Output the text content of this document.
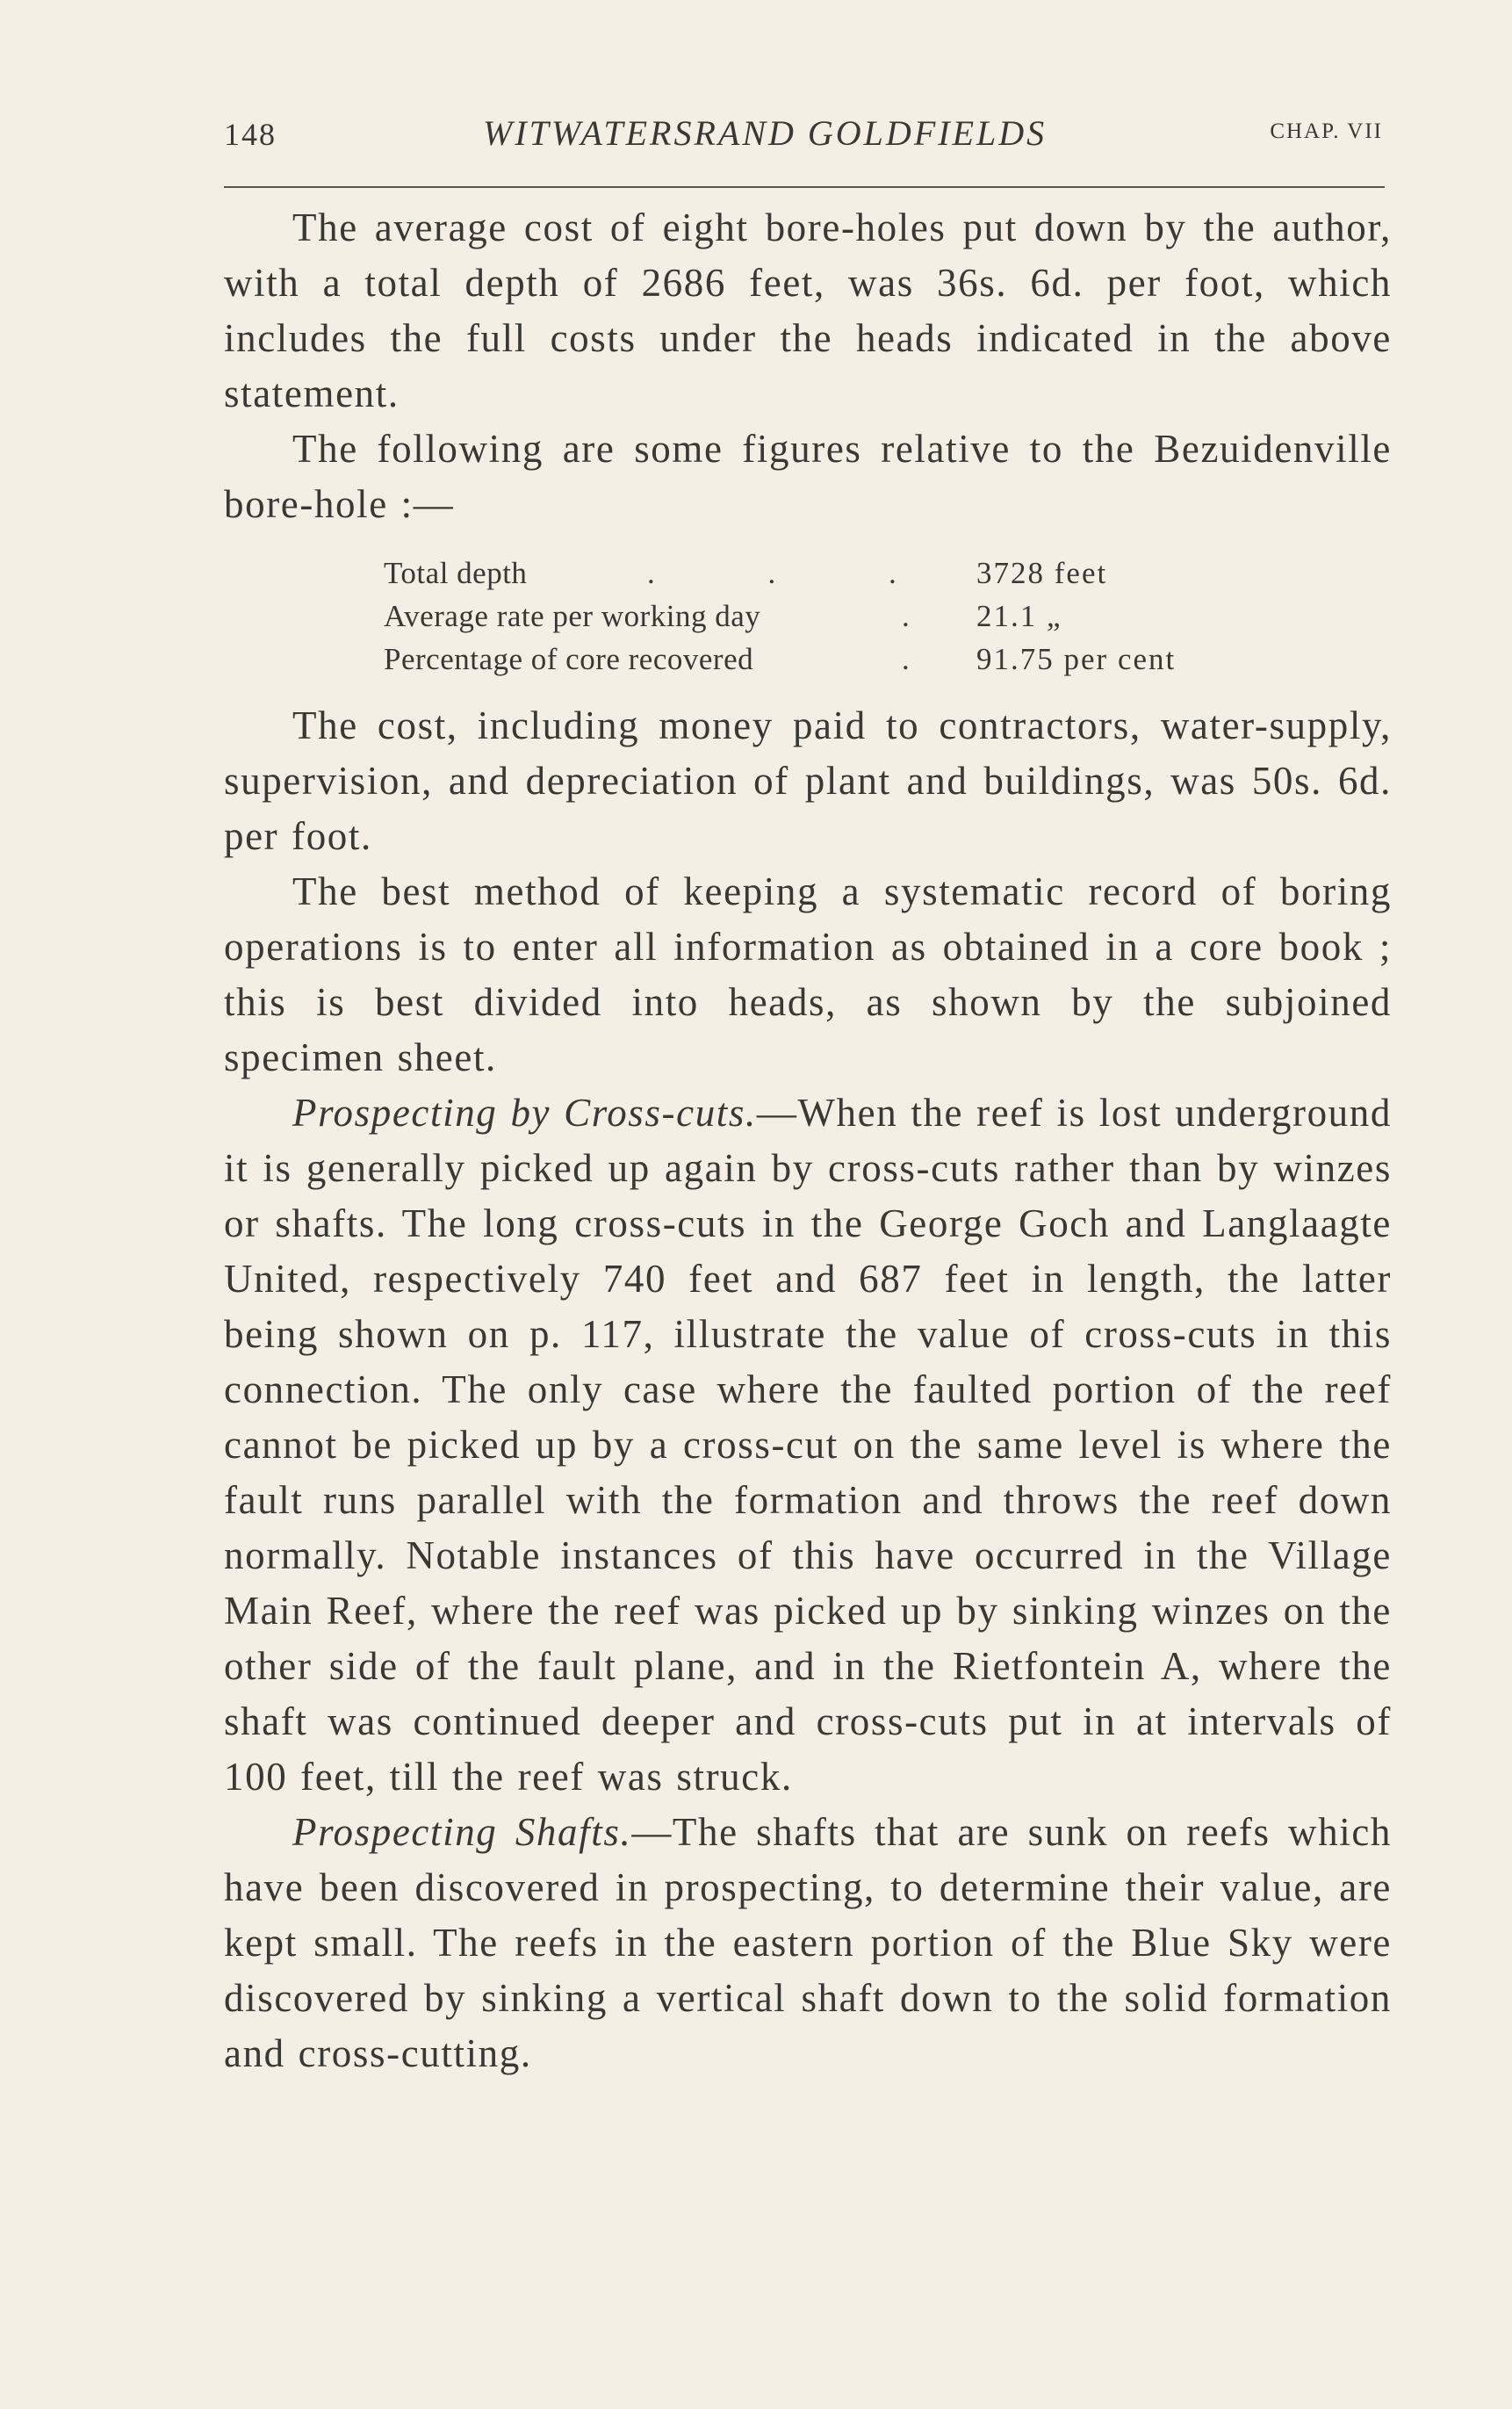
148	WITWATERSRAND GOLDFIELDS	CHAP. VII

The average cost of eight bore-holes put down by the author, with a total depth of 2686 feet, was 36s. 6d. per foot, which includes the full costs under the heads indicated in the above statement.

The following are some figures relative to the Bezuidenville bore-hole :—

Total depth	. . . 3728 feet
Average rate per working day	. 21.1 „
Percentage of core recovered	. 91.75 per cent

The cost, including money paid to contractors, water-supply, supervision, and depreciation of plant and buildings, was 50s. 6d. per foot.

The best method of keeping a systematic record of boring operations is to enter all information as obtained in a core book ; this is best divided into heads, as shown by the subjoined specimen sheet.

Prospecting by Cross-cuts.—When the reef is lost underground it is generally picked up again by cross-cuts rather than by winzes or shafts. The long cross-cuts in the George Goch and Langlaagte United, respectively 740 feet and 687 feet in length, the latter being shown on p. 117, illustrate the value of cross-cuts in this connection. The only case where the faulted portion of the reef cannot be picked up by a cross-cut on the same level is where the fault runs parallel with the formation and throws the reef down normally. Notable instances of this have occurred in the Village Main Reef, where the reef was picked up by sinking winzes on the other side of the fault plane, and in the Rietfontein A, where the shaft was continued deeper and cross-cuts put in at intervals of 100 feet, till the reef was struck.

Prospecting Shafts.—The shafts that are sunk on reefs which have been discovered in prospecting, to determine their value, are kept small. The reefs in the eastern portion of the Blue Sky were discovered by sinking a vertical shaft down to the solid formation and cross-cutting.
